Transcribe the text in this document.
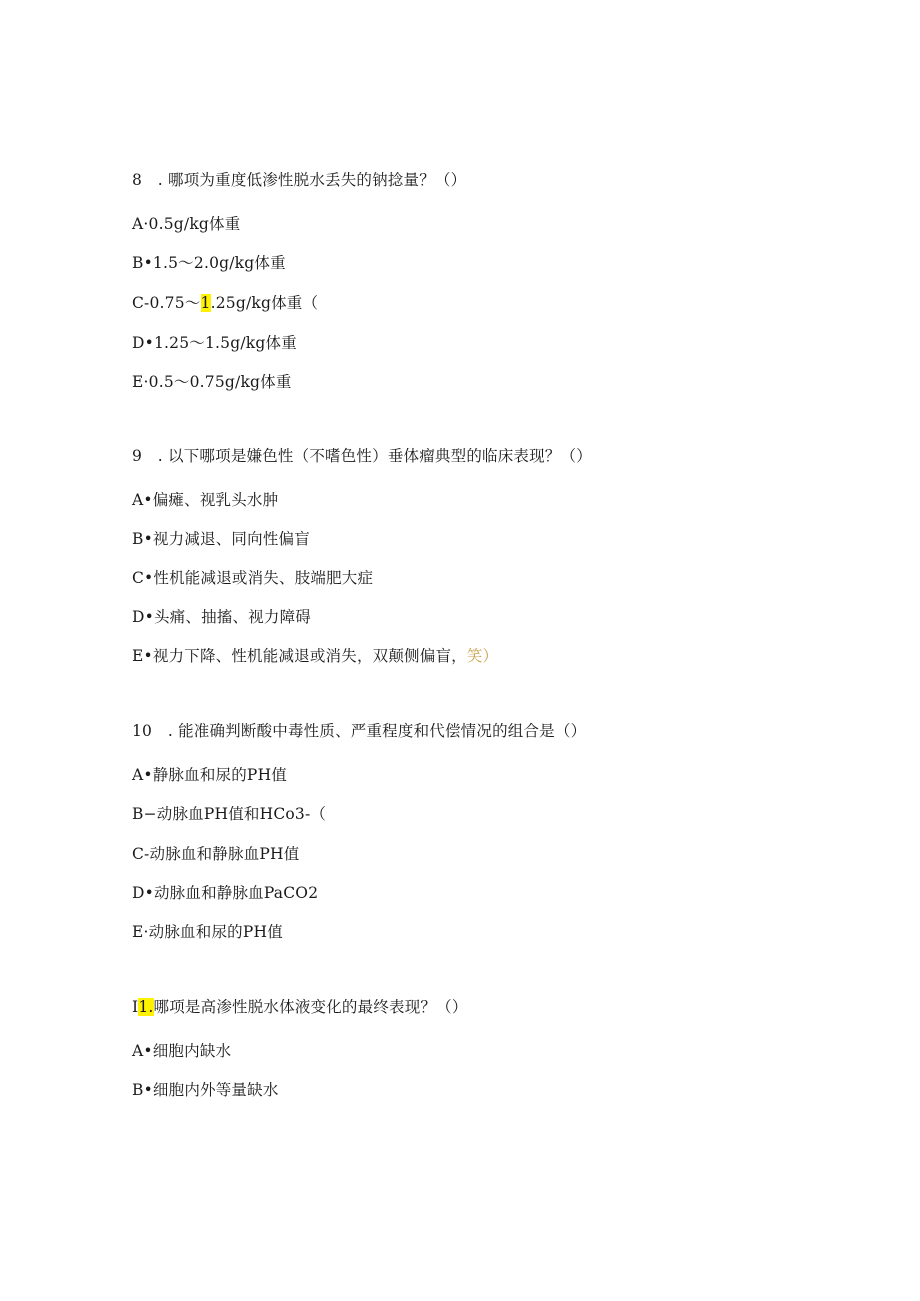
8　. 哪项为重度低渗性脱水丢失的钠捻量？（）
A·0.5g∕kg体重
B•1.5～2.0g∕kg体重
C-0.75～1.25g∕kg体重（
D•1.25～1.5g∕kg体重
E·0.5～0.75g∕kg体重
9　. 以下哪项是嫌色性（不嗜色性）垂体瘤典型的临床表现？（）
A•偏瘫、视乳头水肿
B•视力减退、同向性偏盲
C•性机能减退或消失、肢端肥大症
D•头痛、抽搐、视力障碍
E•视力下降、性机能减退或消失，双颠侧偏盲，笑）
10　. 能准确判断酸中毒性质、严重程度和代偿情况的组合是（）
A•静脉血和尿的PH值
B−动脉血PH值和HCo3-（
C-动脉血和静脉血PH值
D•动脉血和静脉血PaCO2
E·动脉血和尿的PH值
I1.哪项是高渗性脱水体液变化的最终表现？（）
A•细胞内缺水
B•细胞内外等量缺水
